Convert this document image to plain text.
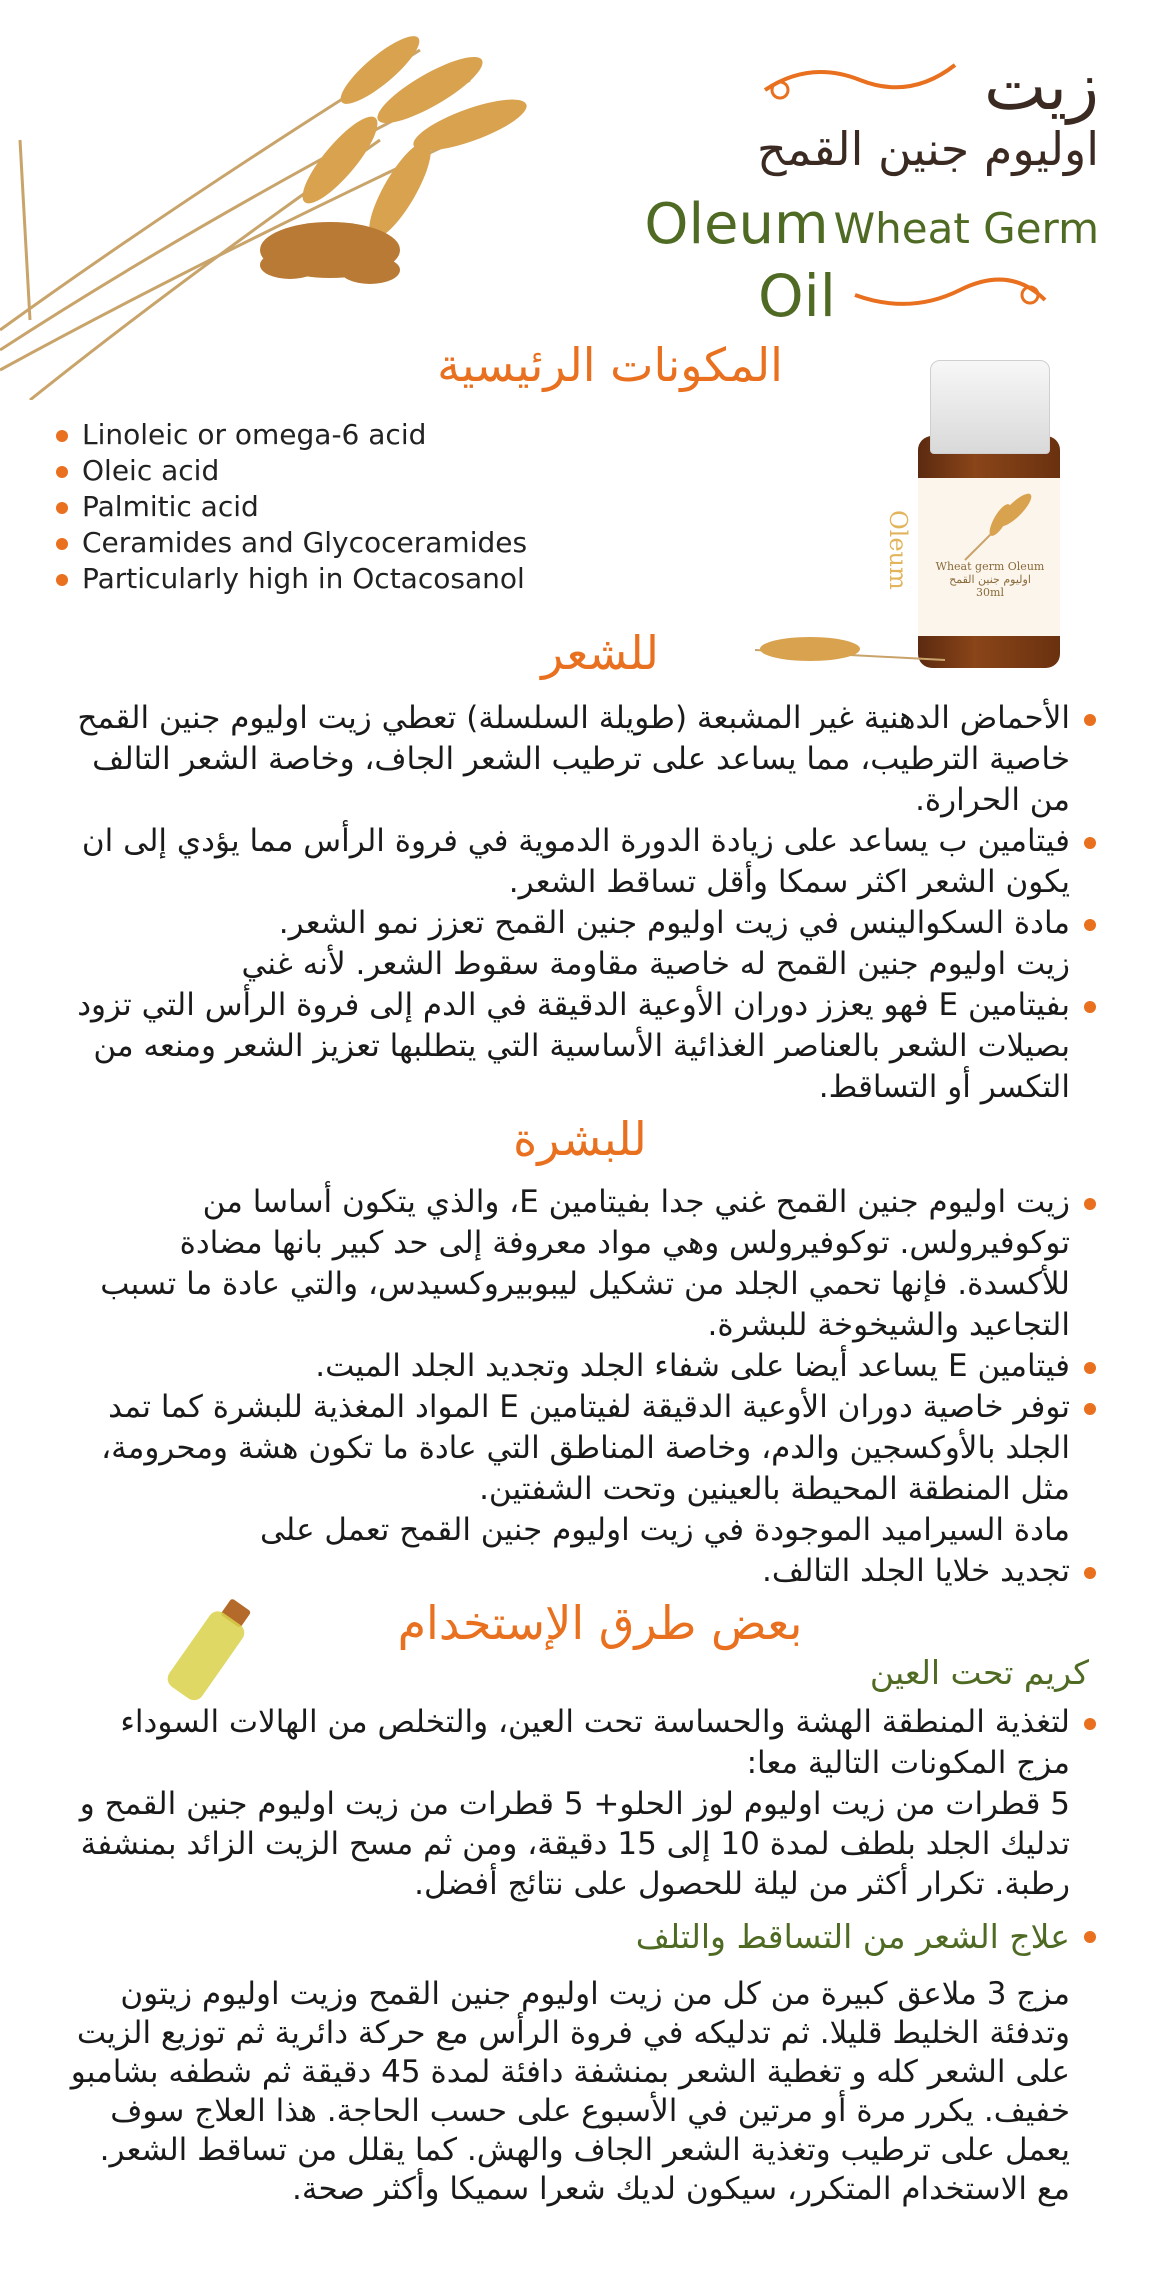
زيت
اوليوم جنين القمح
Oleum Wheat Germ
Oil
المكونات الرئيسية
Linoleic or omega-6 acid
Oleic acid
Palmitic acid
Ceramides and Glycoceramides
Particularly high in Octacosanol	Oleum	Wheat germ Oleum
اوليوم جنين القمح
30ml
للشعر
الأحماض الدهنية غير المشبعة (طويلة السلسلة) تعطي زيت اوليوم جنين القمح خاصية الترطيب، مما يساعد على ترطيب الشعر الجاف، وخاصة الشعر التالف من الحرارة.
فيتامين ب يساعد على زيادة الدورة الدموية في فروة الرأس مما يؤدي إلى ان يكون الشعر اكثر سمكا وأقل تساقط الشعر.
مادة السكوالينس في زيت اوليوم جنين القمح تعزز نمو الشعر.
زيت اوليوم جنين القمح له خاصية مقاومة سقوط الشعر. لأنه غني
بفيتامين E فهو يعزز دوران الأوعية الدقيقة في الدم إلى فروة الرأس التي تزود بصيلات الشعر بالعناصر الغذائية الأساسية التي يتطلبها تعزيز الشعر ومنعه من التكسر أو التساقط.
للبشرة
زيت اوليوم جنين القمح غني جدا بفيتامين E، والذي يتكون أساسا من توكوفيرولس. توكوفيرولس وهي مواد معروفة إلى حد كبير بانها مضادة للأكسدة. فإنها تحمي الجلد من تشكيل ليبوبيروكسيدس، والتي عادة ما تسبب التجاعيد والشيخوخة للبشرة.
فيتامين E يساعد أيضا على شفاء الجلد وتجديد الجلد الميت.
توفر خاصية دوران الأوعية الدقيقة لفيتامين E المواد المغذية للبشرة كما تمد الجلد بالأوكسجين والدم، وخاصة المناطق التي عادة ما تكون هشة ومحرومة، مثل المنطقة المحيطة بالعينين وتحت الشفتين.
مادة السيراميد الموجودة في زيت اوليوم جنين القمح تعمل على
تجديد خلايا الجلد التالف.
بعض طرق الإستخدام
كريم تحت العين
لتغذية المنطقة الهشة والحساسة تحت العين، والتخلص من الهالات السوداء مزج المكونات التالية معا:
5 قطرات من زيت اوليوم لوز الحلو+ 5 قطرات من زيت اوليوم جنين القمح و تدليك الجلد بلطف لمدة 10 إلى 15 دقيقة، ومن ثم مسح الزيت الزائد بمنشفة رطبة. تكرار أكثر من ليلة للحصول على نتائج أفضل.
علاج الشعر من التساقط والتلف
مزج 3 ملاعق كبيرة من كل من زيت اوليوم جنين القمح وزيت اوليوم زيتون وتدفئة الخليط قليلا. ثم تدليكه في فروة الرأس مع حركة دائرية ثم توزيع الزيت على الشعر كله و تغطية الشعر بمنشفة دافئة لمدة 45 دقيقة ثم شطفه بشامبو خفيف. يكرر مرة أو مرتين في الأسبوع على حسب الحاجة. هذا العلاج سوف يعمل على ترطيب وتغذية الشعر الجاف والهش. كما يقلل من تساقط الشعر. مع الاستخدام المتكرر، سيكون لديك شعرا سميكا وأكثر صحة.
